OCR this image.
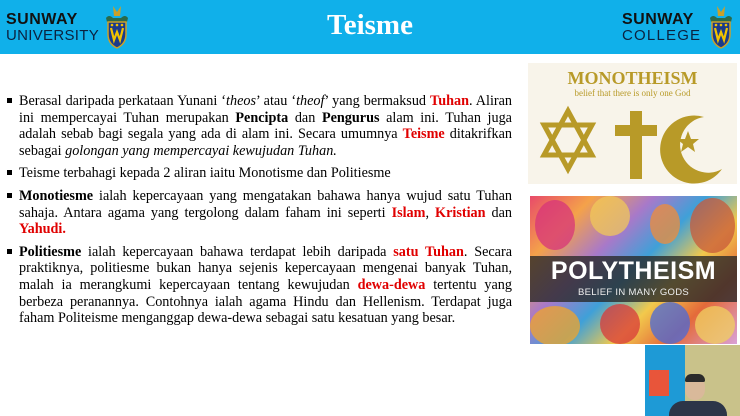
SUNWAY
UNIVERSITY	Teisme	SUNWAY
COLLEGE
Berasal daripada perkataan Yunani ‘theos’ atau ‘theof’ yang bermaksud Tuhan. Aliran ini mempercayai Tuhan merupakan Pencipta dan Pengurus alam ini. Tuhan juga adalah sebab bagi segala yang ada di alam ini. Secara umumnya Teisme ditakrifkan sebagai golongan yang mempercayai kewujudan Tuhan.
Teisme terbahagi kepada 2 aliran iaitu Monotisme dan Politiesme
Monotiesme ialah kepercayaan yang mengatakan bahawa hanya wujud satu Tuhan sahaja. Antara agama yang tergolong dalam faham ini seperti Islam, Kristian dan Yahudi.
Politiesme ialah kepercayaan bahawa terdapat lebih daripada satu Tuhan. Secara praktiknya, politiesme bukan hanya sejenis kepercayaan mengenai banyak Tuhan, malah ia merangkumi kepercayaan tentang kewujudan dewa-dewa tertentu yang berbeza peranannya. Contohnya ialah agama Hindu dan Hellenism. Terdapat juga faham Politeisme menganggap dewa-dewa sebagai satu kesatuan yang besar.
MONOTHEISM
belief that there is only one God
POLYTHEISM
BELIEF IN MANY GODS
